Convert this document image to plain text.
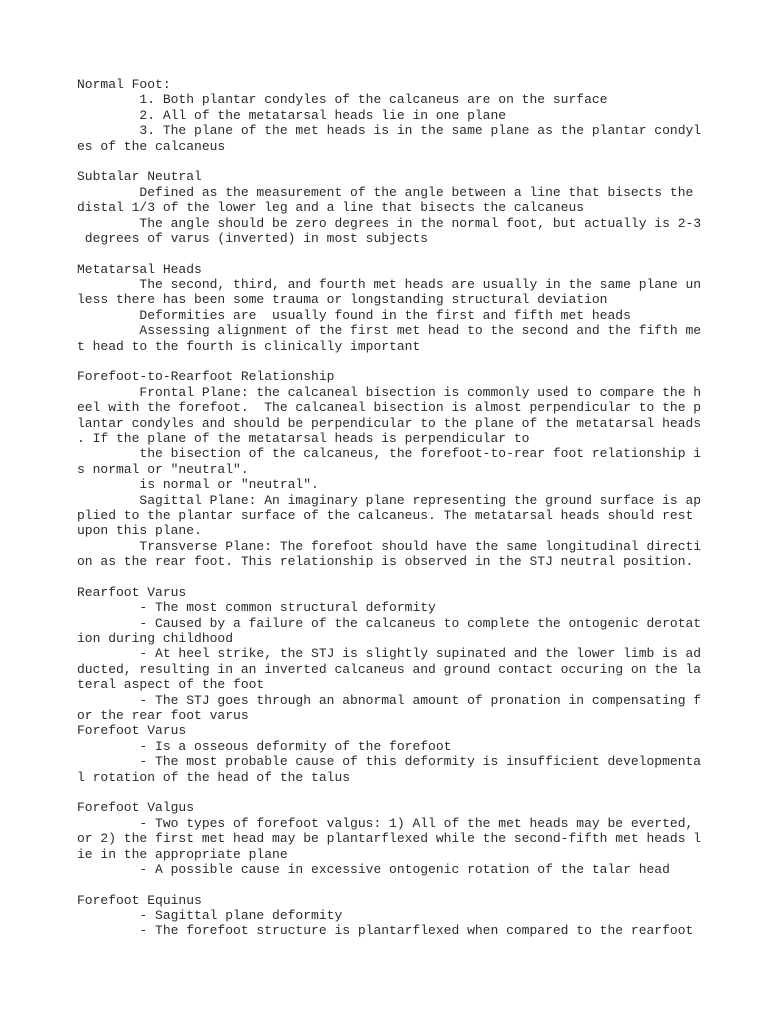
Normal Foot:
1. Both plantar condyles of the calcaneus are on the surface
2. All of the metatarsal heads lie in one plane
3. The plane of the met heads is in the same plane as the plantar condyl
es of the calcaneus
Subtalar Neutral
Defined as the measurement of the angle between a line that bisects the
distal 1/3 of the lower leg and a line that bisects the calcaneus
The angle should be zero degrees in the normal foot, but actually is 2-3
degrees of varus (inverted) in most subjects
Metatarsal Heads
The second, third, and fourth met heads are usually in the same plane un
less there has been some trauma or longstanding structural deviation
Deformities are  usually found in the first and fifth met heads
Assessing alignment of the first met head to the second and the fifth me
t head to the fourth is clinically important
Forefoot-to-Rearfoot Relationship
Frontal Plane: the calcaneal bisection is commonly used to compare the h
eel with the forefoot.  The calcaneal bisection is almost perpendicular to the p
lantar condyles and should be perpendicular to the plane of the metatarsal heads
. If the plane of the metatarsal heads is perpendicular to
the bisection of the calcaneus, the forefoot-to-rear foot relationship i
s normal or "neutral".
is normal or "neutral".
Sagittal Plane: An imaginary plane representing the ground surface is ap
plied to the plantar surface of the calcaneus. The metatarsal heads should rest
upon this plane.
Transverse Plane: The forefoot should have the same longitudinal directi
on as the rear foot. This relationship is observed in the STJ neutral position.
Rearfoot Varus
- The most common structural deformity
- Caused by a failure of the calcaneus to complete the ontogenic derotat
ion during childhood
- At heel strike, the STJ is slightly supinated and the lower limb is ad
ducted, resulting in an inverted calcaneus and ground contact occuring on the la
teral aspect of the foot
- The STJ goes through an abnormal amount of pronation in compensating f
or the rear foot varus
Forefoot Varus
- Is a osseous deformity of the forefoot
- The most probable cause of this deformity is insufficient developmenta
l rotation of the head of the talus
Forefoot Valgus
- Two types of forefoot valgus: 1) All of the met heads may be everted,
or 2) the first met head may be plantarflexed while the second-fifth met heads l
ie in the appropriate plane
- A possible cause in excessive ontogenic rotation of the talar head
Forefoot Equinus
- Sagittal plane deformity
- The forefoot structure is plantarflexed when compared to the rearfoot
